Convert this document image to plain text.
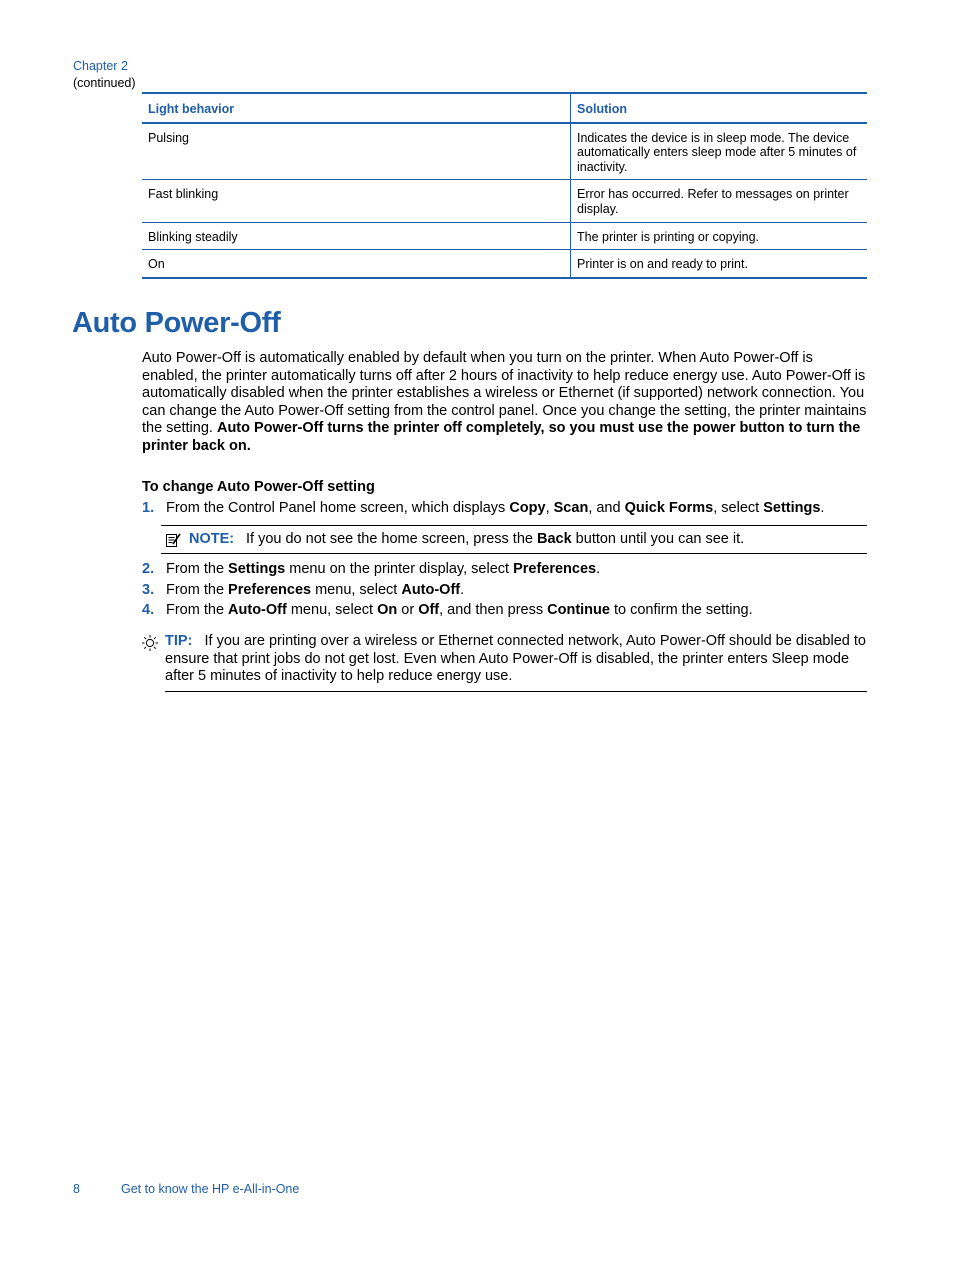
Chapter 2
(continued)
Light behavior	Solution
Pulsing	Indicates the device is in sleep mode. The device automatically enters sleep mode after 5 minutes of inactivity.
Fast blinking	Error has occurred. Refer to messages on printer display.
Blinking steadily	The printer is printing or copying.
On	Printer is on and ready to print.
Auto Power-Off

Auto Power-Off is automatically enabled by default when you turn on the printer. When Auto Power-Off is enabled, the printer automatically turns off after 2 hours of inactivity to help reduce energy use. Auto Power-Off is automatically disabled when the printer establishes a wireless or Ethernet (if supported) network connection. You can change the Auto Power-Off setting from the control panel. Once you change the setting, the printer maintains the setting. Auto Power-Off turns the printer off completely, so you must use the power button to turn the printer back on.

To change Auto Power-Off setting
1. From the Control Panel home screen, which displays Copy, Scan, and Quick Forms, select Settings.
NOTE: If you do not see the home screen, press the Back button until you can see it.
2. From the Settings menu on the printer display, select Preferences.
3. From the Preferences menu, select Auto-Off.
4. From the Auto-Off menu, select On or Off, and then press Continue to confirm the setting.
TIP: If you are printing over a wireless or Ethernet connected network, Auto Power-Off should be disabled to ensure that print jobs do not get lost. Even when Auto Power-Off is disabled, the printer enters Sleep mode after 5 minutes of inactivity to help reduce energy use.
8	Get to know the HP e-All-in-One
